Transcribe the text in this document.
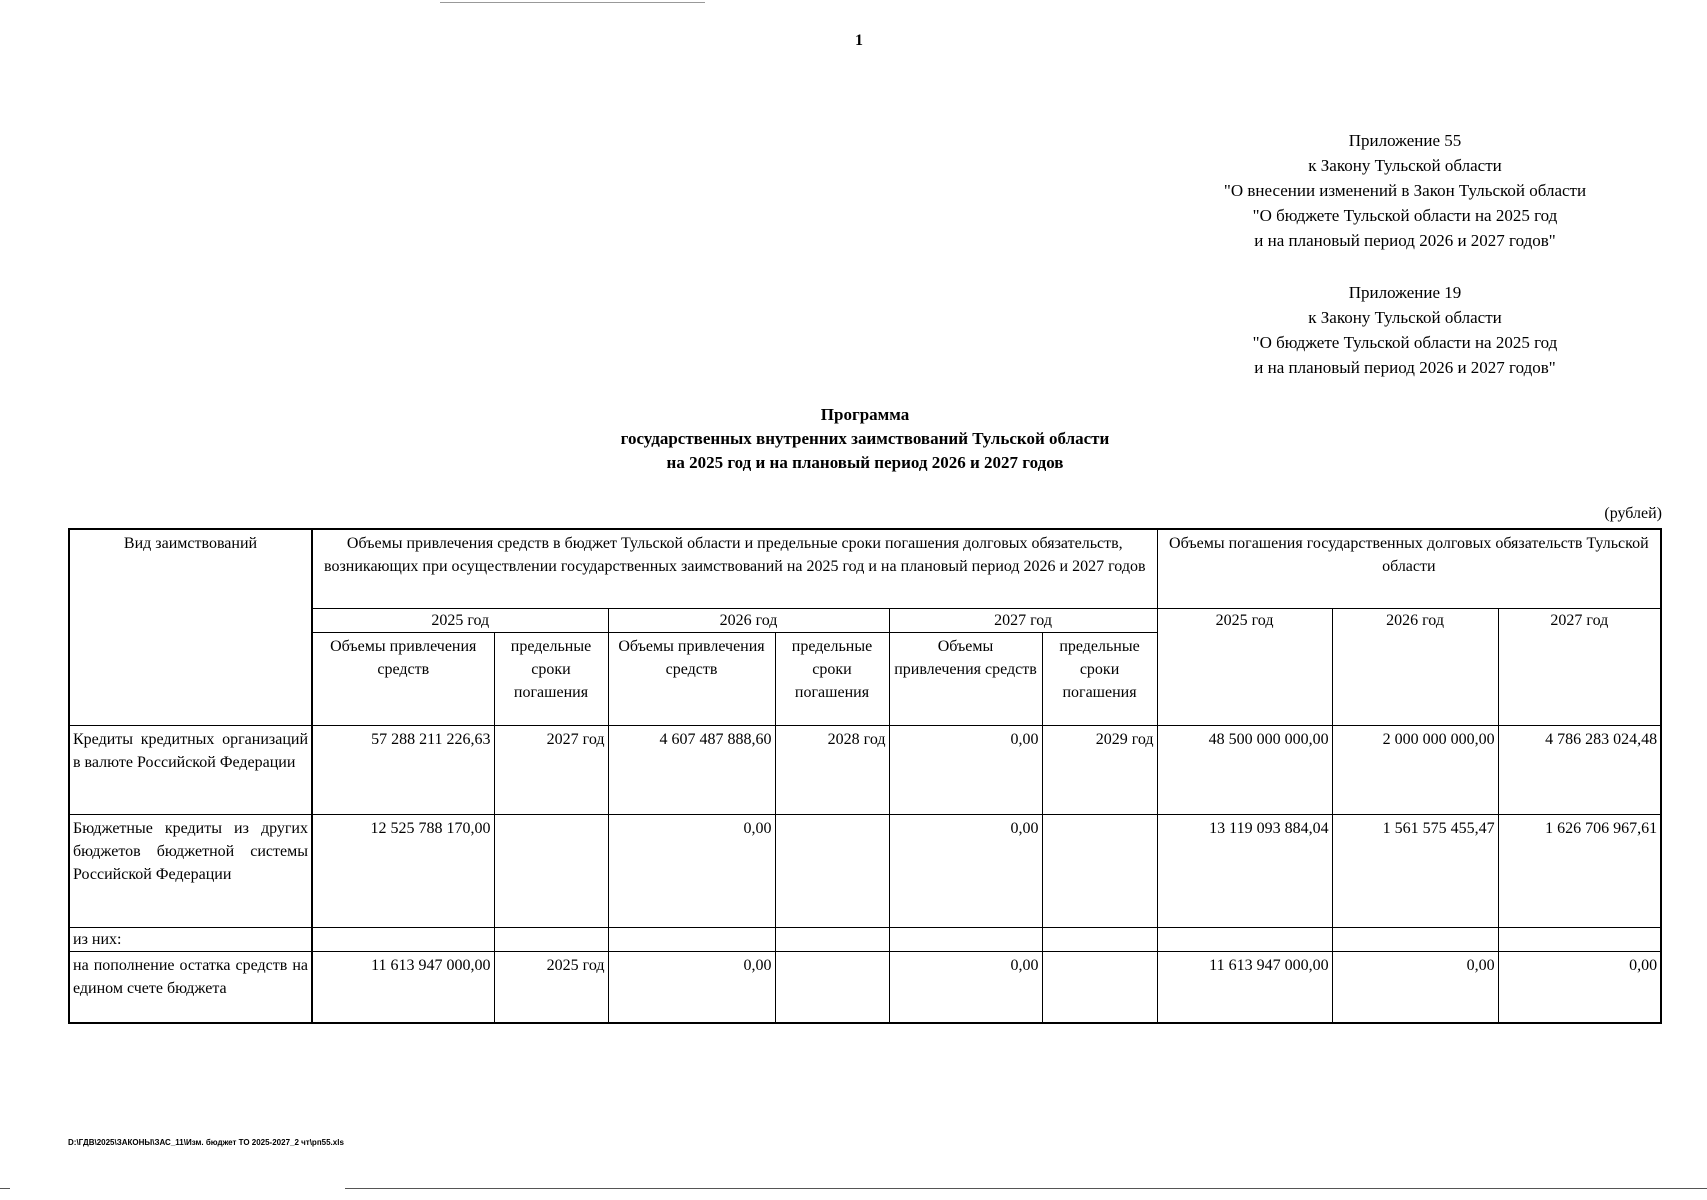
1
Приложение 55
к Закону Тульской области
"О внесении изменений в Закон Тульской области
"О бюджете Тульской области на 2025 год
и на плановый период 2026 и 2027 годов"
Приложение 19
к Закону Тульской области
"О бюджете Тульской области на 2025 год
и на плановый период 2026 и 2027 годов"
Программа
государственных внутренних заимствований Тульской области
на 2025 год и на плановый период 2026 и 2027 годов
(рублей)
Вид заимствований	Объемы привлечения средств в бюджет Тульской области и предельные сроки погашения долговых обязательств, возникающих при осуществлении государственных заимствований на 2025 год и на плановый период 2026 и 2027 годов						Объемы погашения государственных долговых обязательств Тульской области		
	2025 год		2026 год		2027 год		2025 год	2026 год	2027 год
	Объемы привлечения средств	предельные сроки погашения	Объемы привлечения средств	предельные сроки погашения	Объемы привлечения средств	предельные сроки погашения			
Кредиты кредитных организаций в валюте Российской Федерации	57 288 211 226,63	2027 год	4 607 487 888,60	2028 год	0,00	2029 год	48 500 000 000,00	2 000 000 000,00	4 786 283 024,48
Бюджетные кредиты из других бюджетов бюджетной системы Российской Федерации	12 525 788 170,00		0,00		0,00		13 119 093 884,04	1 561 575 455,47	1 626 706 967,61
из них:									
на пополнение остатка средств на едином счете бюджета	11 613 947 000,00	2025 год	0,00		0,00		11 613 947 000,00	0,00	0,00
D:\ГДВ\2025\ЗАКОНЫ\ЗАС_11\Изм. бюджет ТО 2025-2027_2 чт\рп55.xls
